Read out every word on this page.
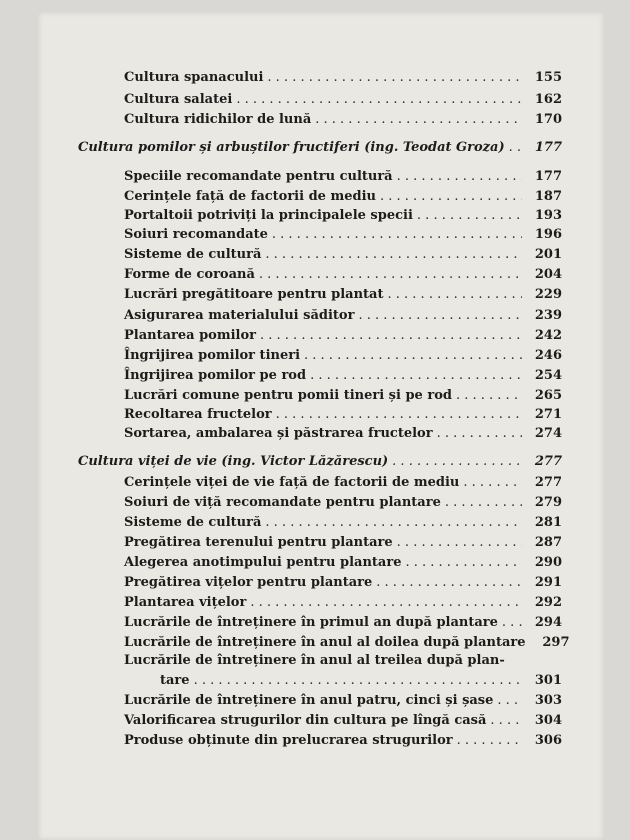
Cultura spanacului . . .	155
Cultura salatei . . .	162
Cultura ridichilor de lună . . .	170
Cultura pomilor și arbuștilor fructiferi (ing. Teodat Groza) . . .	177
Speciile recomandate pentru cultură . . .	177
Cerințele față de factorii de mediu . . .	187
Portaltoii potriviți la principalele specii . . .	193
Soiuri recomandate . . .	196
Sisteme de cultură . . .	201
Forme de coroană . . .	204
Lucrări pregătitoare pentru plantat . . .	229
Asigurarea materialului săditor . . .	239
Plantarea pomilor . . .	242
Îngrijirea pomilor tineri . . .	246
Îngrijirea pomilor pe rod . . .	254
Lucrări comune pentru pomii tineri și pe rod . . .	265
Recoltarea fructelor . . .	271
Sortarea, ambalarea și păstrarea fructelor . . .	274
Cultura viței de vie (ing. Victor Lăzărescu) . . .	277
Cerințele viței de vie față de factorii de mediu . . .	277
Soiuri de viță recomandate pentru plantare . . .	279
Sisteme de cultură . . .	281
Pregătirea terenului pentru plantare . . .	287
Alegerea anotimpului pentru plantare . . .	290
Pregătirea vițelor pentru plantare . . .	291
Plantarea vițelor . . .	292
Lucrările de întreținere în primul an după plantare . . .	294
Lucrările de întreținere în anul al doilea după plantare	297
Lucrările de întreținere în anul al treilea după plan-
tare . . .	301
Lucrările de întreținere în anul patru, cinci și șase . . .	303
Valorificarea strugurilor din cultura pe lîngă casă . . .	304
Produse obținute din prelucrarea strugurilor . . .	306
